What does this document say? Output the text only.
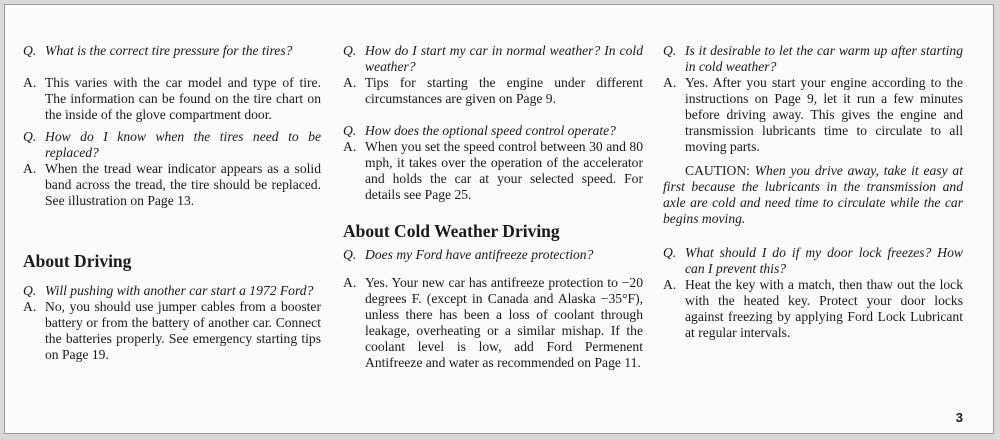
Q. What is the correct tire pressure for the tires?
A. This varies with the car model and type of tire. The information can be found on the tire chart on the inside of the glove compartment door.
Q. How do I know when the tires need to be replaced?
A. When the tread wear indicator appears as a solid band across the tread, the tire should be replaced. See illustration on Page 13.
About Driving
Q. Will pushing with another car start a 1972 Ford?
A. No, you should use jumper cables from a booster battery or from the battery of another car. Connect the batteries properly. See emergency starting tips on Page 19.
Q. How do I start my car in normal weather? In cold weather?
A. Tips for starting the engine under different circumstances are given on Page 9.
Q. How does the optional speed control operate?
A. When you set the speed control between 30 and 80 mph, it takes over the operation of the accelerator and holds the car at your selected speed. For details see Page 25.
About Cold Weather Driving
Q. Does my Ford have antifreeze protection?
A. Yes. Your new car has antifreeze protection to −20 degrees F. (except in Canada and Alaska −35°F), unless there has been a loss of coolant through leakage, overheating or a similar mishap. If the coolant level is low, add Ford Permenent Antifreeze and water as recommended on Page 11.
Q. Is it desirable to let the car warm up after starting in cold weather?
A. Yes. After you start your engine according to the instructions on Page 9, let it run a few minutes before driving away. This gives the engine and transmission lubricants time to circulate to all moving parts.
CAUTION: When you drive away, take it easy at first because the lubricants in the transmission and axle are cold and need time to circulate while the car begins moving.
Q. What should I do if my door lock freezes? How can I prevent this?
A. Heat the key with a match, then thaw out the lock with the heated key. Protect your door locks against freezing by applying Ford Lock Lubricant at regular intervals.
3
